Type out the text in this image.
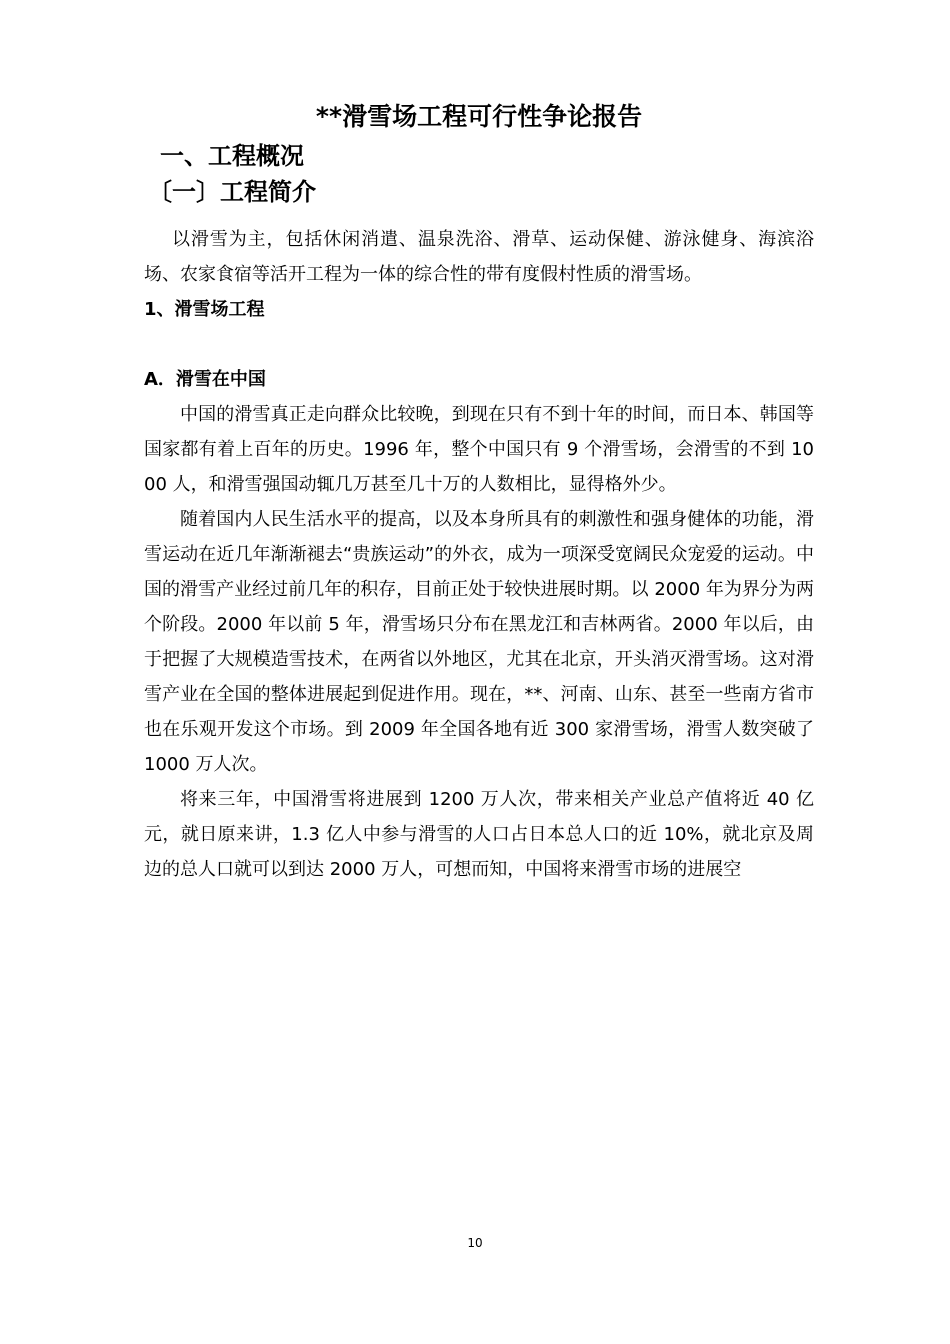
**滑雪场工程可行性争论报告
一、工程概况
〔一〕工程简介

以滑雪为主，包括休闲消遣、温泉洗浴、滑草、运动保健、游泳健身、海滨浴场、农家食宿等活开工程为一体的综合性的带有度假村性质的滑雪场。

1、滑雪场工程
A．滑雪在中国

中国的滑雪真正走向群众比较晚，到现在只有不到十年的时间，而日本、韩国等国家都有着上百年的历史。1996 年，整个中国只有 9 个滑雪场，会滑雪的不到 1000 人，和滑雪强国动辄几万甚至几十万的人数相比，显得格外少。

随着国内人民生活水平的提高，以及本身所具有的刺激性和强身健体的功能，滑雪运动在近几年渐渐褪去“贵族运动”的外衣，成为一项深受宽阔民众宠爱的运动。中国的滑雪产业经过前几年的积存，目前正处于较快进展时期。以 2000 年为界分为两个阶段。2000 年以前 5 年，滑雪场只分布在黑龙江和吉林两省。2000 年以后，由于把握了大规模造雪技术，在两省以外地区，尤其在北京，开头消灭滑雪场。这对滑雪产业在全国的整体进展起到促进作用。现在，**、河南、山东、甚至一些南方省市也在乐观开发这个市场。到 2009 年全国各地有近 300 家滑雪场，滑雪人数突破了 1000 万人次。

将来三年，中国滑雪将进展到 1200 万人次，带来相关产业总产值将近 40 亿元，就日原来讲，1.3 亿人中参与滑雪的人口占日本总人口的近 10%，就北京及周边的总人口就可以到达 2000 万人，可想而知，中国将来滑雪市场的进展空

10
